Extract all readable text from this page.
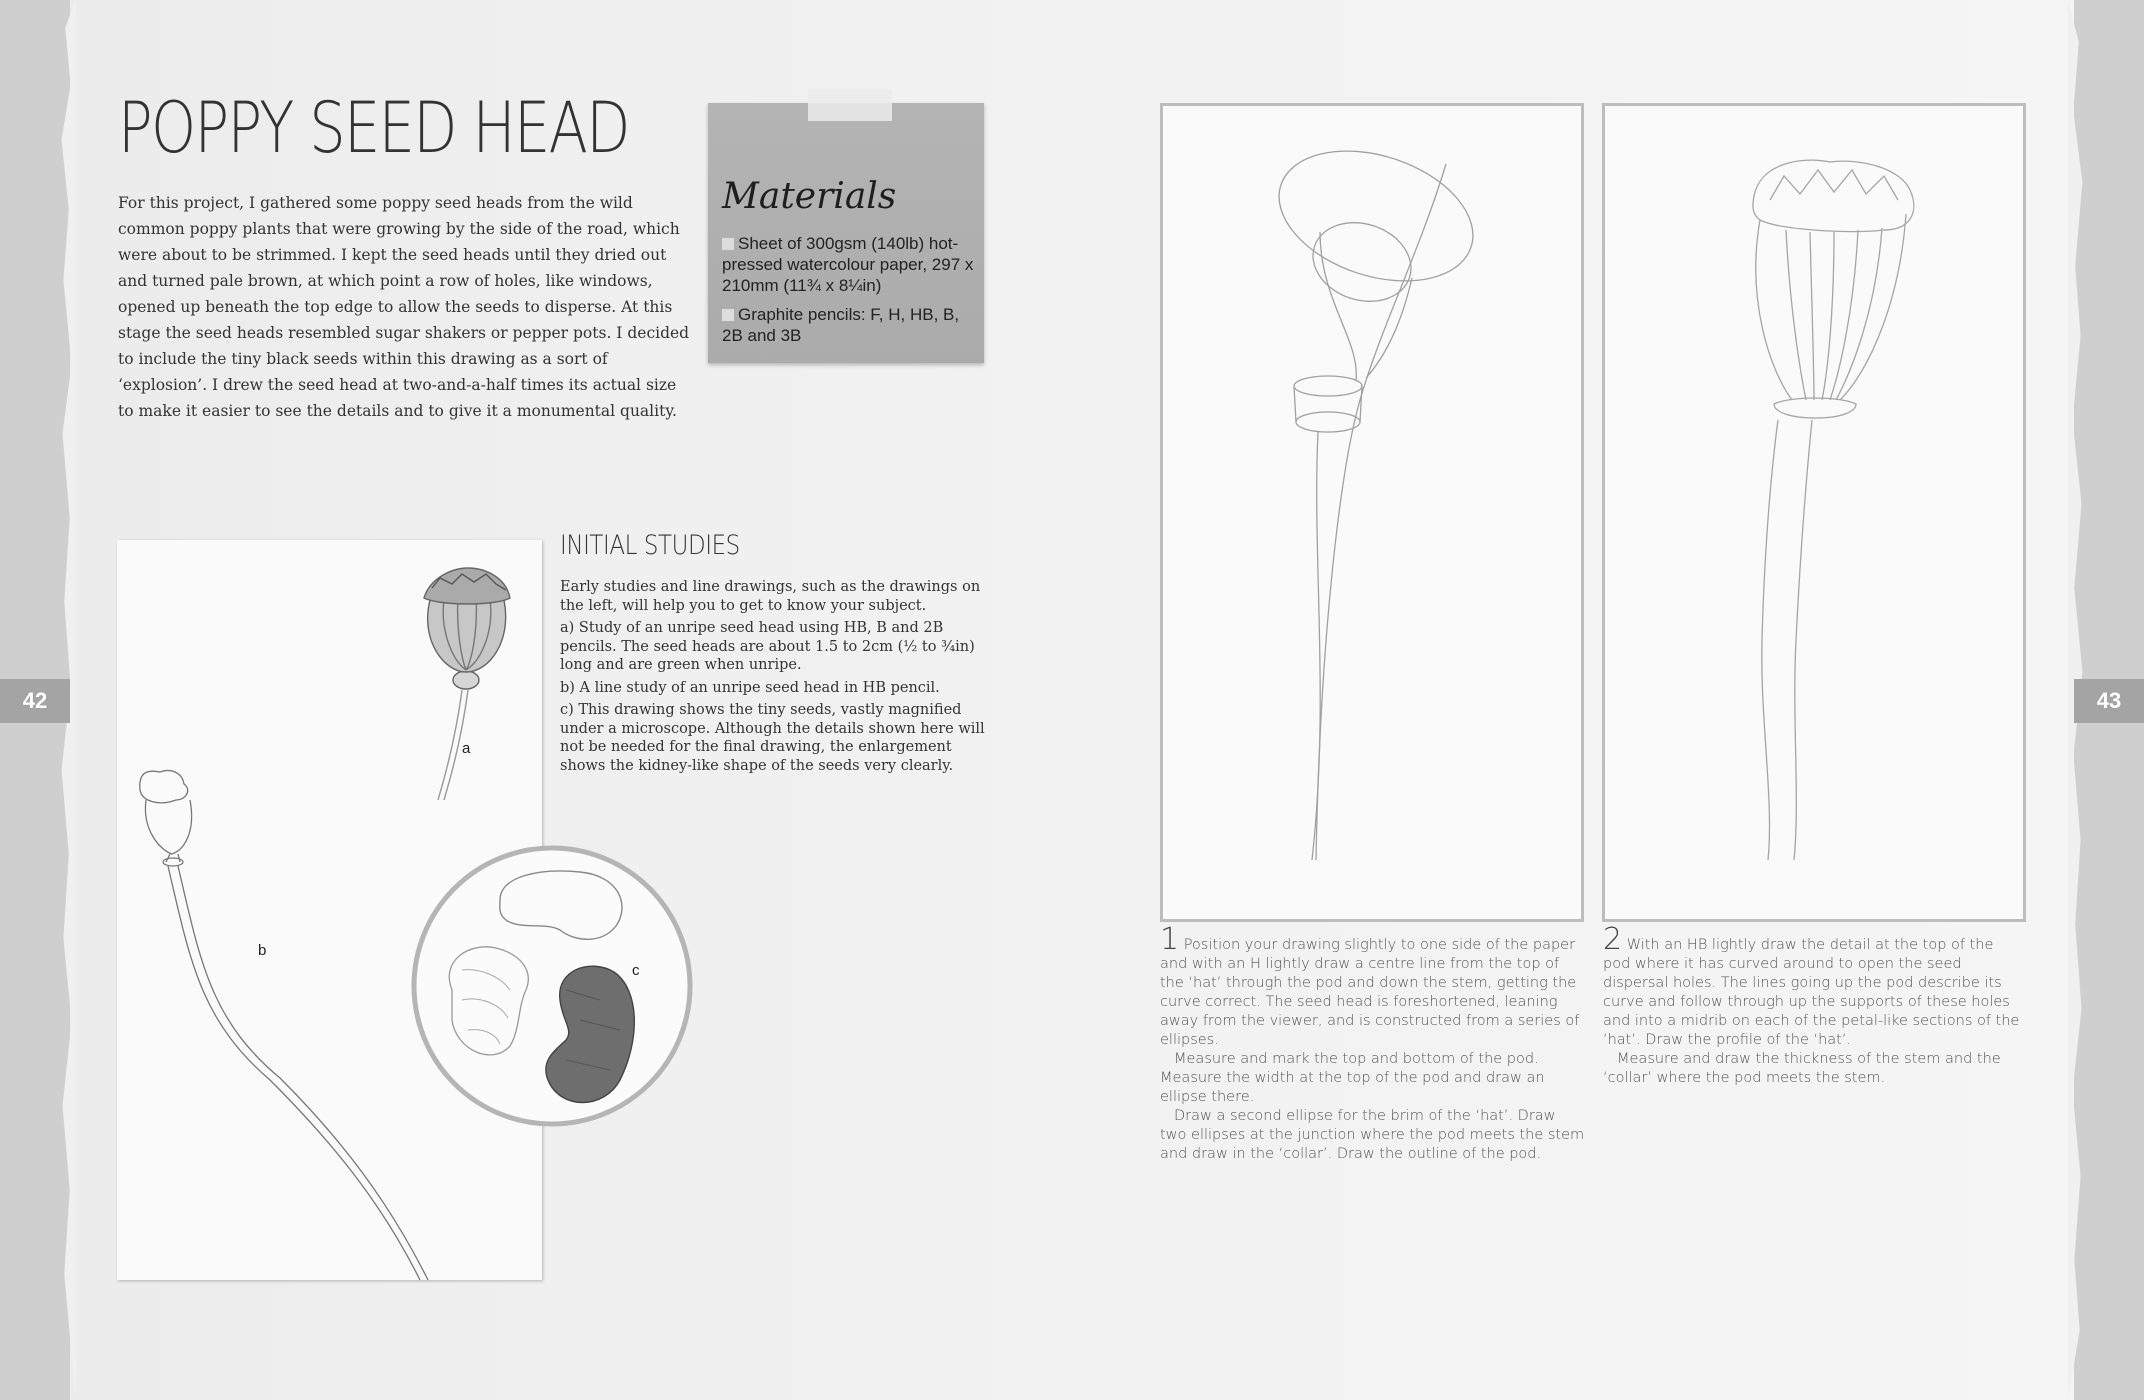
42	43
POPPY SEED HEAD

For this project, I gathered some poppy seed heads from the wild common poppy plants that were growing by the side of the road, which were about to be strimmed. I kept the seed heads until they dried out and turned pale brown, at which point a row of holes, like windows, opened up beneath the top edge to allow the seeds to disperse. At this stage the seed heads resembled sugar shakers or pepper pots. I decided to include the tiny black seeds within this drawing as a sort of ‘explosion’. I drew the seed head at two-and-a-half times its actual size to make it easier to see the details and to give it a monumental quality.

Materials
Sheet of 300gsm (140lb) hot-pressed watercolour paper, 297 x 210mm (11¾ x 8¼in)
Graphite pencils: F, H, HB, B, 2B and 3B
INITIAL STUDIES

Early studies and line drawings, such as the drawings on the left, will help you to get to know your subject.

a) Study of an unripe seed head using HB, B and 2B pencils. The seed heads are about 1.5 to 2cm (½ to ¾in) long and are green when unripe.

b) A line study of an unripe seed head in HB pencil.

c) This drawing shows the tiny seeds, vastly magnified under a microscope. Although the details shown here will not be needed for the final drawing, the enlargement shows the kidney-like shape of the seeds very clearly.

a
b
c

1 Position your drawing slightly to one side of the paper and with an H lightly draw a centre line from the top of the ‘hat’ through the pod and down the stem, getting the curve correct. The seed head is foreshortened, leaning away from the viewer, and is constructed from a series of ellipses.

Measure and mark the top and bottom of the pod. Measure the width at the top of the pod and draw an ellipse there.

Draw a second ellipse for the brim of the ‘hat’. Draw two ellipses at the junction where the pod meets the stem and draw in the ‘collar’. Draw the outline of the pod.

2 With an HB lightly draw the detail at the top of the pod where it has curved around to open the seed dispersal holes. The lines going up the pod describe its curve and follow through up the supports of these holes and into a midrib on each of the petal-like sections of the ‘hat’. Draw the profile of the ‘hat’.

Measure and draw the thickness of the stem and the ‘collar’ where the pod meets the stem.
